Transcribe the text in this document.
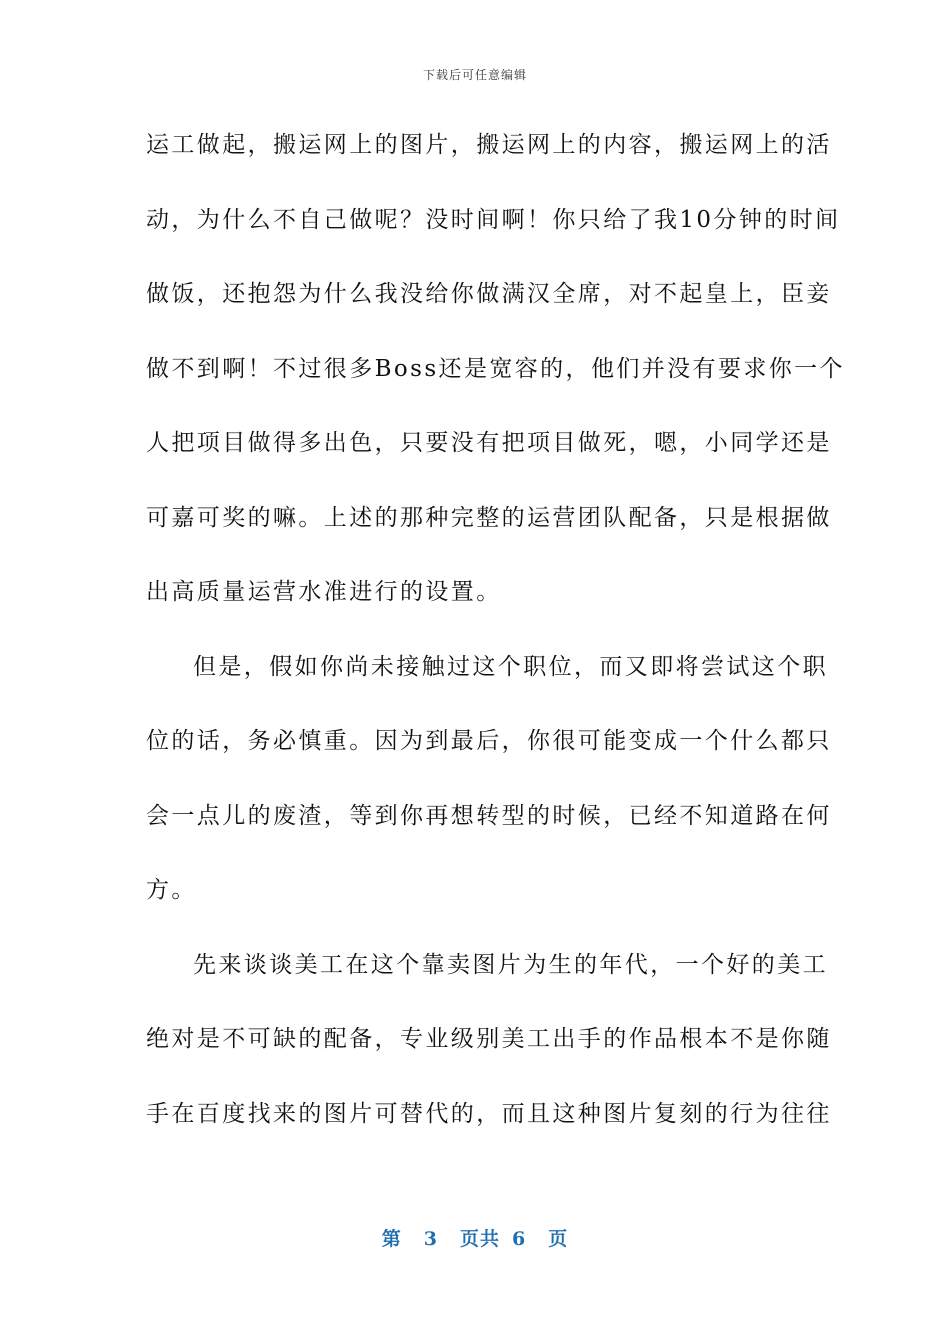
下载后可任意编辑
运工做起，搬运网上的图片，搬运网上的内容，搬运网上的活
动，为什么不自己做呢？没时间啊！你只给了我10分钟的时间
做饭，还抱怨为什么我没给你做满汉全席，对不起皇上，臣妾
做不到啊！不过很多Boss还是宽容的，他们并没有要求你一个
人把项目做得多出色，只要没有把项目做死，嗯，小同学还是
可嘉可奖的嘛。上述的那种完整的运营团队配备，只是根据做
出高质量运营水准进行的设置。
但是，假如你尚未接触过这个职位，而又即将尝试这个职
位的话，务必慎重。因为到最后，你很可能变成一个什么都只
会一点儿的废渣，等到你再想转型的时候，已经不知道路在何
方。
先来谈谈美工在这个靠卖图片为生的年代，一个好的美工
绝对是不可缺的配备，专业级别美工出手的作品根本不是你随
手在百度找来的图片可替代的，而且这种图片复刻的行为往往
第 3 页共 6 页
